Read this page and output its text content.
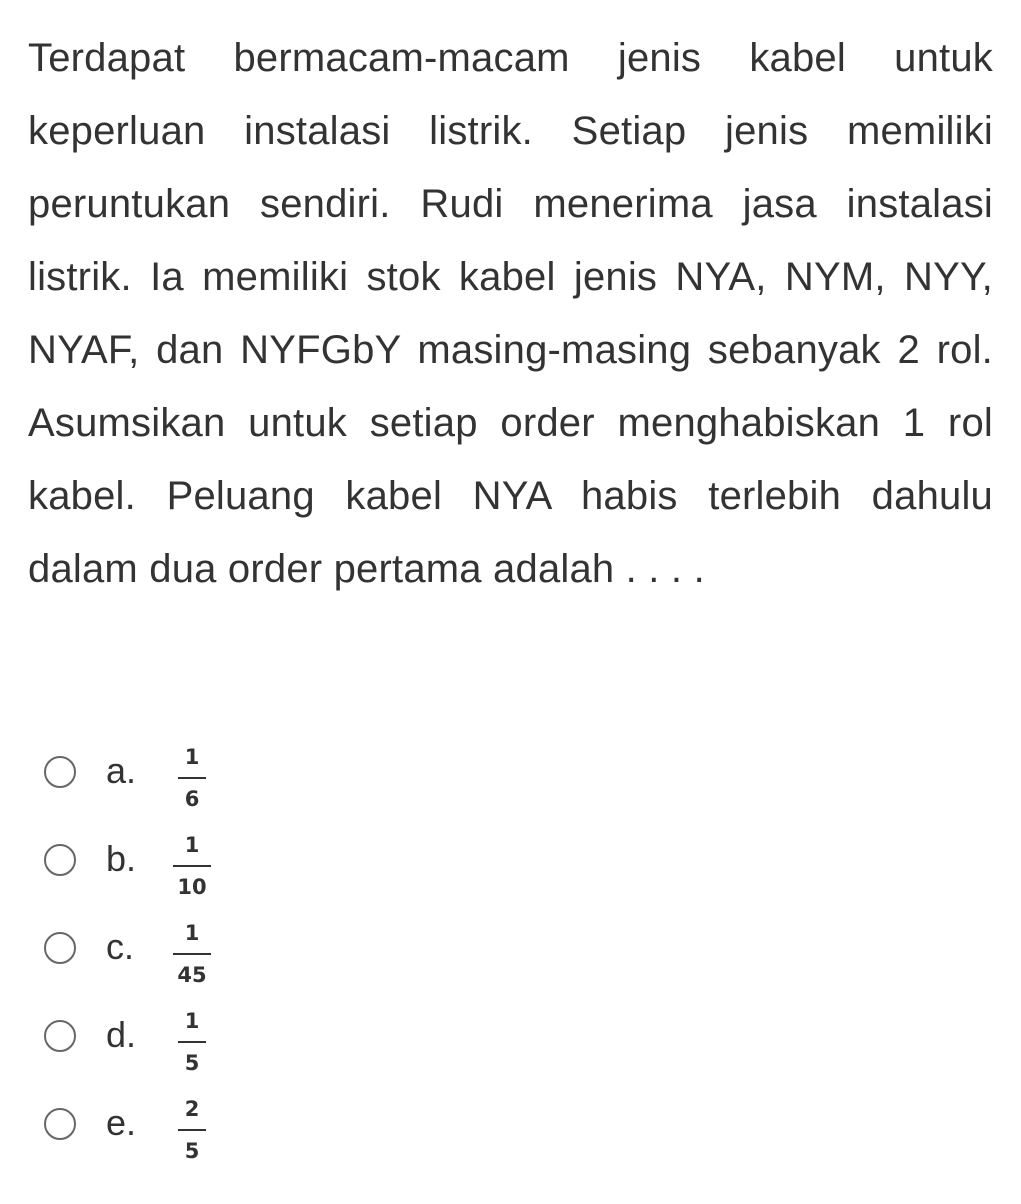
Terdapat bermacam-macam jenis kabel untuk keperluan instalasi listrik. Setiap jenis memiliki peruntukan sendiri. Rudi menerima jasa instalasi listrik. Ia memiliki stok kabel jenis NYA, NYM, NYY, NYAF, dan NYFGbY masing-masing sebanyak 2 rol. Asumsikan untuk setiap order menghabiskan 1 rol kabel. Peluang kabel NYA habis terlebih dahulu dalam dua order pertama adalah . . . .

a.	1
6
b.	1
10
c.	1
45
d.	1
5
e.	2
5
